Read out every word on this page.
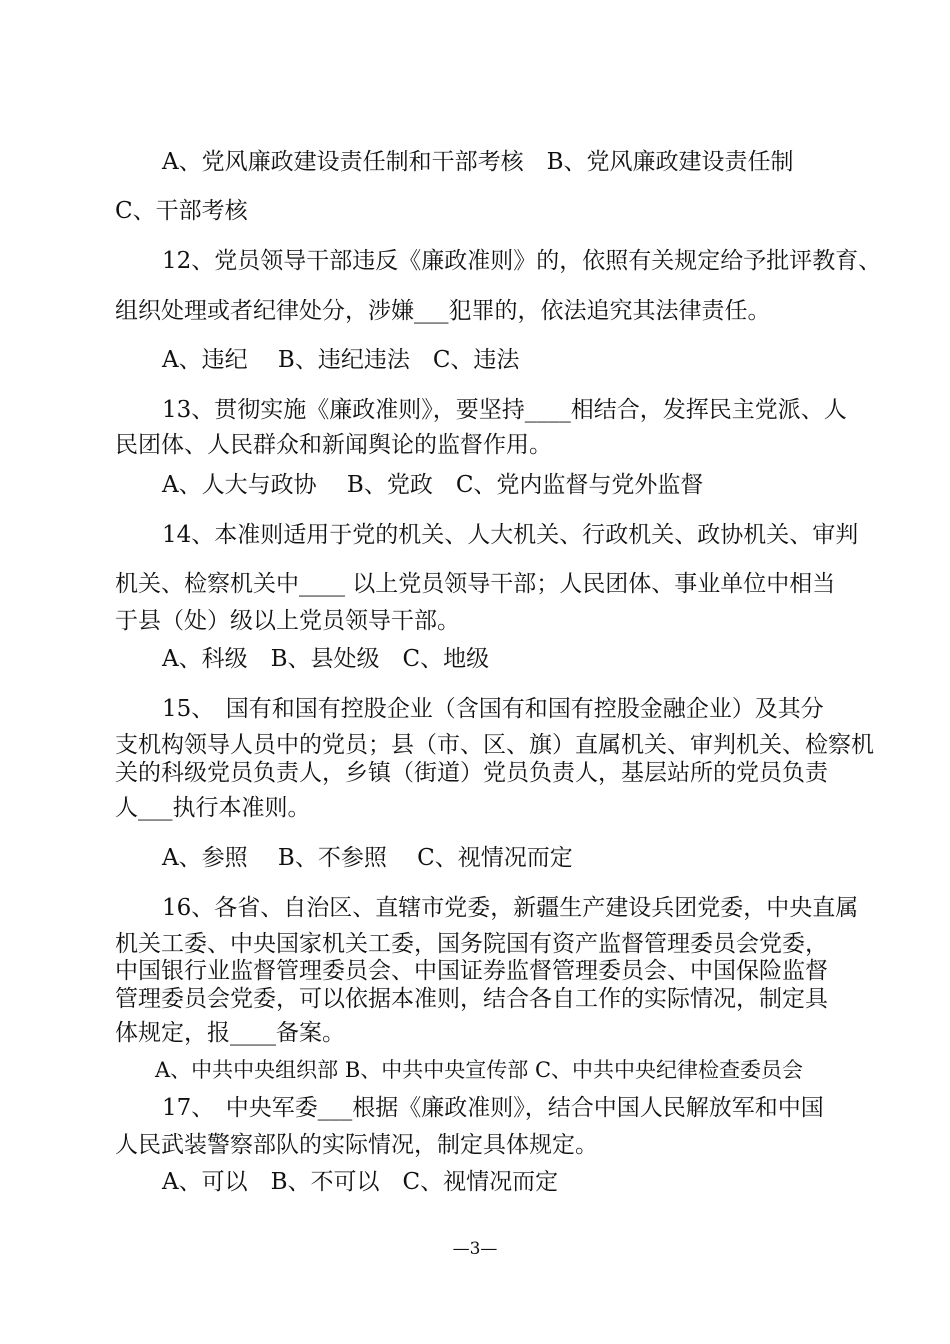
A、党风廉政建设责任制和干部考核　B、党风廉政建设责任制
C、干部考核
12、党员领导干部违反《廉政准则》的，依照有关规定给予批评教育、
组织处理或者纪律处分，涉嫌___犯罪的，依法追究其法律责任。
A、违纪　 B、违纪违法　C、违法
13、贯彻实施《廉政准则》，要坚持____相结合，发挥民主党派、人
民团体、人民群众和新闻舆论的监督作用。
A、人大与政协　 B、党政　C、党内监督与党外监督
14、本准则适用于党的机关、人大机关、行政机关、政协机关、审判
机关、检察机关中____ 以上党员领导干部；人民团体、事业单位中相当
于县（处）级以上党员领导干部。
A、科级　B、县处级　C、地级
15、　国有和国有控股企业（含国有和国有控股金融企业）及其分
支机构领导人员中的党员；县（市、区、旗）直属机关、审判机关、检察机
关的科级党员负责人，乡镇（街道）党员负责人，基层站所的党员负责
人___执行本准则。
A、参照　 B、不参照　 C、视情况而定
16、各省、自治区、直辖市党委，新疆生产建设兵团党委，中央直属
机关工委、中央国家机关工委，国务院国有资产监督管理委员会党委，
中国银行业监督管理委员会、中国证券监督管理委员会、中国保险监督
管理委员会党委，可以依据本准则，结合各自工作的实际情况，制定具
体规定，报____备案。
A、中共中央组织部 B、中共中央宣传部 C、中共中央纪律检查委员会
17、　中央军委___根据《廉政准则》，结合中国人民解放军和中国
人民武装警察部队的实际情况，制定具体规定。
A、可以　B、不可以　C、视情况而定
—3—
